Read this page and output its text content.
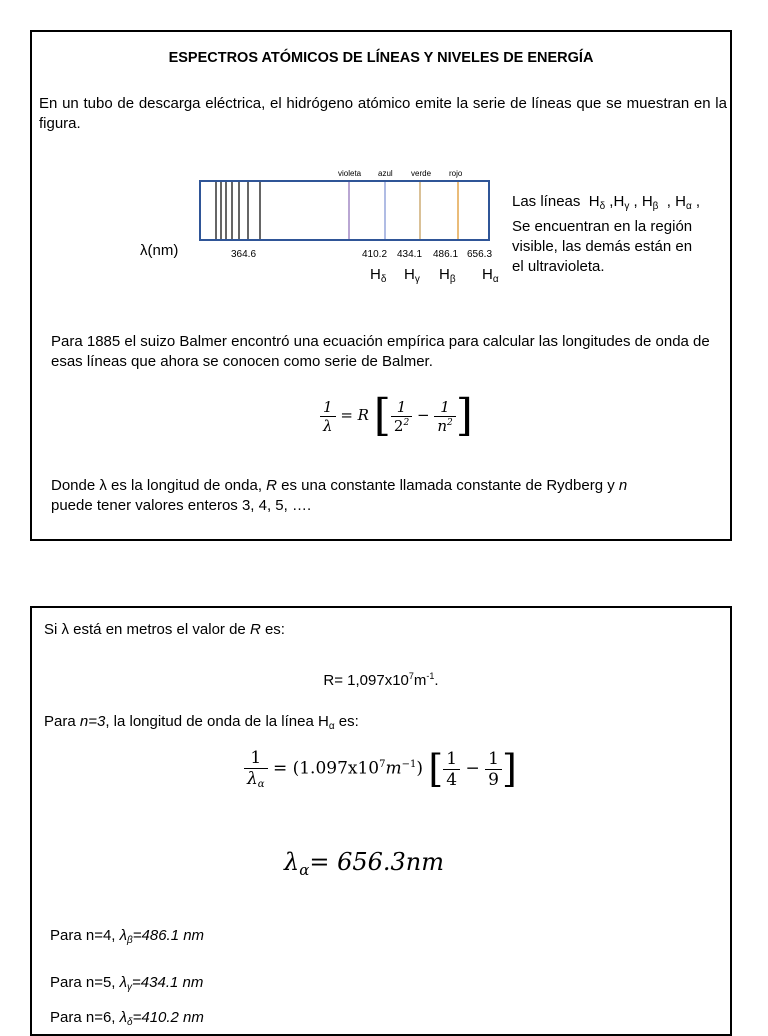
ESPECTROS ATÓMICOS DE LÍNEAS Y NIVELES DE ENERGÍA
En un tubo de descarga eléctrica, el hidrógeno atómico emite la serie de líneas que se muestran en la figura.
violeta azul verde rojo
364.6	410.2 434.1 486.1 656.3
$H_\delta$ $H_\gamma$ $H_\beta$ $H_\alpha$
λ(nm)
Las líneas  $H_\delta$ $,H_\gamma$ , $H_\beta$  , $H_\alpha$ ,
Se encuentran en la región
visible, las demás están en
el ultravioleta.
Para 1885 el suizo Balmer encontró una ecuación empírica para calcular las longitudes de onda de esas líneas que ahora se conocen como serie de Balmer.
$\frac{1}{\lambda} = R$ [ $\frac{1}{2^2} - \frac{1}{n^2}$ ]
Donde λ es la longitud de onda, R es una constante llamada constante de Rydberg y n
puede tener valores enteros 3, 4, 5, ….
Si λ está en metros el valor de R es:
$R= 1,097x10^7m^{-1}$.
Para n=3, la longitud de onda de la línea $H_\alpha$ es:
$\frac{1}{\lambda_\alpha} = (1.097x10^7m^{-1})$ [ $\frac{1}{4} - \frac{1}{9}$ ]
$\lambda_\alpha= 656.3nm$
Para n=4, $\lambda_\beta=486.1$ nm
Para n=5, $\lambda_\gamma=434.1$ nm
Para n=6, $\lambda_\delta=410.2$ nm
